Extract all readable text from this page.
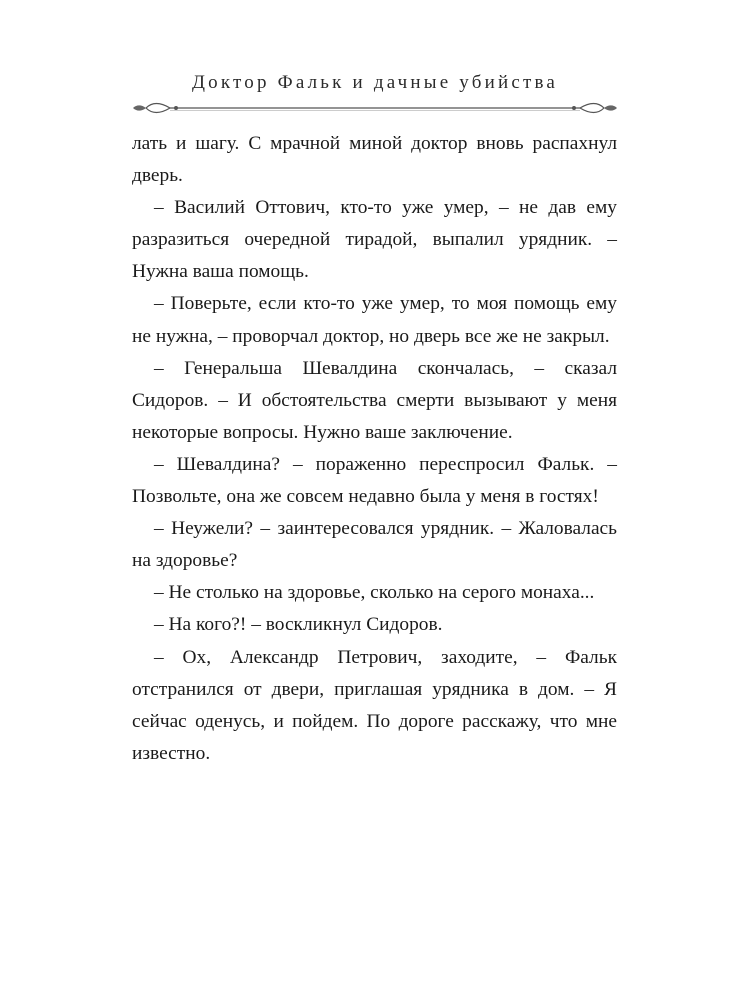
Доктор Фальк и дачные убийства

лать и шагу. С мрачной миной доктор вновь распахнул дверь.

– Василий Оттович, кто-то уже умер, – не дав ему разразиться очередной тирадой, выпалил урядник. – Нужна ваша помощь.

– Поверьте, если кто-то уже умер, то моя помощь ему не нужна, – проворчал доктор, но дверь все же не закрыл.

– Генеральша Шевалдина скончалась, – сказал Сидоров. – И обстоятельства смерти вызывают у меня некоторые вопросы. Нужно ваше заключение.

– Шевалдина? – пораженно переспросил Фальк. – Позвольте, она же совсем недавно была у меня в гостях!

– Неужели? – заинтересовался урядник. – Жаловалась на здоровье?

– Не столько на здоровье, сколько на серого монаха...

– На кого?! – воскликнул Сидоров.

– Ох, Александр Петрович, заходите, – Фальк отстранился от двери, приглашая урядника в дом. – Я сейчас оденусь, и пойдем. По дороге расскажу, что мне известно.
